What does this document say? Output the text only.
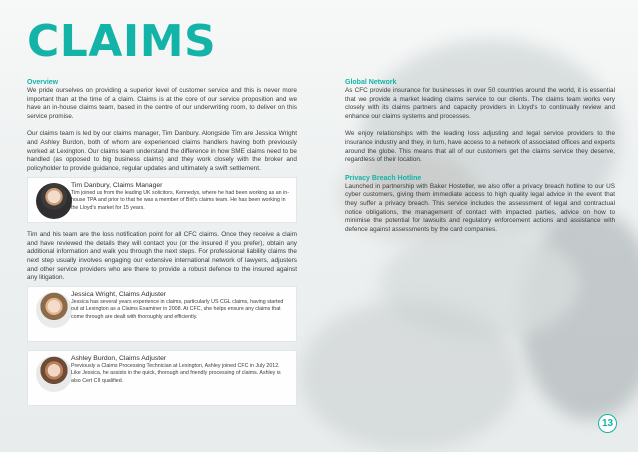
CLAIMS
Overview

We pride ourselves on providing a superior level of customer service and this is never more important than at the time of a claim. Claims is at the core of our service proposition and we have an in-house claims team, based in the centre of our underwriting room, to deliver on this service promise.

Our claims team is led by our claims manager, Tim Danbury. Alongside Tim are Jessica Wright and Ashley Burdon, both of whom are experienced claims handlers having both previously worked at Lexington. Our claims team understand the difference in how SME claims need to be handled (as opposed to big business claims) and they work closely with the broker and policyholder to provide guidance, regular updates and ultimately a swift settlement.

Tim Danbury, Claims Manager
Tim joined us from the leading UK solicitors, Kennedys, where he had been working as an in-house TPA and prior to that he was a member of Brit's claims team. He has been working in the Lloyd's market for 15 years.

Tim and his team are the loss notification point for all CFC claims. Once they receive a claim and have reviewed the details they will contact you (or the insured if you prefer), obtain any additional information and walk you through the next steps. For professional liability claims the next step usually involves engaging our extensive international network of lawyers, adjusters and other service providers who are there to provide a robust defence to the insured against any litigation.

Jessica Wright, Claims Adjuster
Jessica has several years experience in claims, particularly US CGL claims, having started out at Lexington as a Claims Examiner in 2008. At CFC, she helps ensure any claims that come through are dealt with thoroughly and efficiently.
Ashley Burdon, Claims Adjuster
Previously a Claims Processing Technician at Lexington, Ashley joined CFC in July 2012. Like Jessica, he assists in the quick, thorough and friendly processing of claims. Ashley is also Cert CII qualified.
Global Network

As CFC provide insurance for businesses in over 50 countries around the world, it is essential that we provide a market leading claims service to our clients. The claims team works very closely with its claims partners and capacity providers in Lloyd's to continually review and enhance our claims systems and processes.

We enjoy relationships with the leading loss adjusting and legal service providers to the insurance industry and they, in turn, have access to a network of associated offices and experts around the globe. This means that all of our customers get the claims service they deserve, regardless of their location.

Privacy Breach Hotline

Launched in partnership with Baker Hostetler, we also offer a privacy breach hotline to our US cyber customers, giving them immediate access to high quality legal advice in the event that they suffer a privacy breach. This service includes the assessment of legal and contractual notice obligations, the management of contact with impacted parties, advice on how to minimise the potential for lawsuits and regulatory enforcement actions and assistance with defence against assessments by the card companies.

13
